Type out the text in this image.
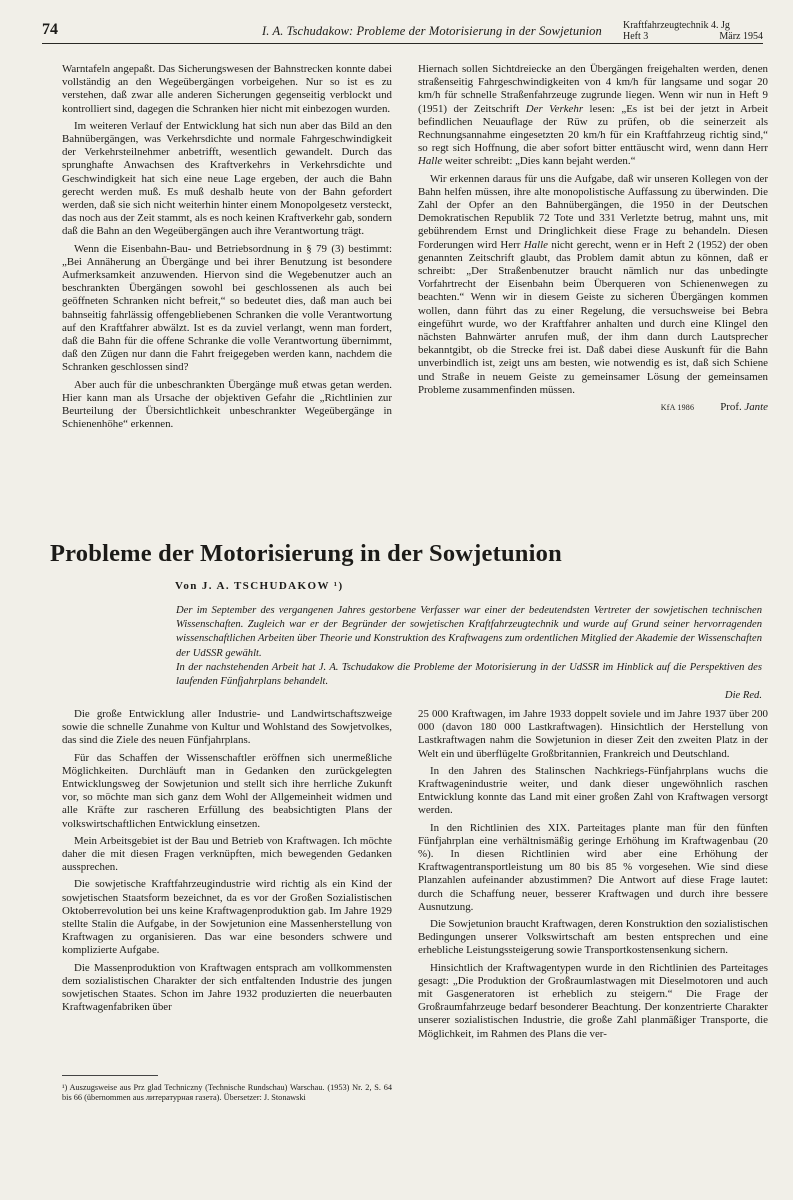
74	I. A. Tschudakow: Probleme der Motorisierung in der Sowjetunion Kraftfahrzeugtechnik 4. Jg
Heft 3	März 1954

Warntafeln angepaßt. Das Sicherungswesen der Bahnstrecken konnte dabei vollständig an den Wegeübergängen vorbeigehen. Nur so ist es zu verstehen, daß zwar alle anderen Sicherungen gegenseitig verblockt und kontrolliert sind, dagegen die Schranken hier nicht mit einbezogen wurden.

Im weiteren Verlauf der Entwicklung hat sich nun aber das Bild an den Bahnübergängen, was Verkehrsdichte und normale Fahrgeschwindigkeit der Verkehrsteilnehmer anbetrifft, wesentlich gewandelt. Durch das sprunghafte Anwachsen des Kraftverkehrs in Verkehrsdichte und Geschwindigkeit hat sich eine neue Lage ergeben, der auch die Bahn gerecht werden muß. Es muß deshalb heute von der Bahn gefordert werden, daß sie sich nicht weiterhin hinter einem Monopolgesetz versteckt, das noch aus der Zeit stammt, als es noch keinen Kraftverkehr gab, sondern daß die Bahn an den Wegeübergängen auch ihre Verantwortung trägt.

Wenn die Eisenbahn-Bau- und Betriebsordnung in § 79 (3) bestimmt: „Bei Annäherung an Übergänge und bei ihrer Benutzung ist besondere Aufmerksamkeit anzuwenden. Hiervon sind die Wegebenutzer auch an beschrankten Übergängen sowohl bei geschlossenen als auch bei geöffneten Schranken nicht befreit,“ so bedeutet dies, daß man auch bei bahnseitig fahrlässig offengebliebenen Schranken die volle Verantwortung auf den Kraftfahrer abwälzt. Ist es da zuviel verlangt, wenn man fordert, daß die Bahn für die offene Schranke die volle Verantwortung übernimmt, daß den Zügen nur dann die Fahrt freigegeben werden kann, nachdem die Schranken geschlossen sind?

Aber auch für die unbeschrankten Übergänge muß etwas getan werden. Hier kann man als Ursache der objektiven Gefahr die „Richtlinien zur Beurteilung der Übersichtlichkeit unbeschrankter Wegeübergänge in Schienenhöhe“ erkennen.

Hiernach sollen Sichtdreiecke an den Übergängen freigehalten werden, denen straßenseitig Fahrgeschwindigkeiten von 4 km/h für langsame und sogar 20 km/h für schnelle Straßenfahrzeuge zugrunde liegen. Wenn wir nun in Heft 9 (1951) der Zeitschrift Der Verkehr lesen: „Es ist bei der jetzt in Arbeit befindlichen Neuauflage der Rüw zu prüfen, ob die seinerzeit als Rechnungsannahme eingesetzten 20 km/h für ein Kraftfahrzeug richtig sind,“ so regt sich Hoffnung, die aber sofort bitter enttäuscht wird, wenn dann Herr Halle weiter schreibt: „Dies kann bejaht werden.“

Wir erkennen daraus für uns die Aufgabe, daß wir unseren Kollegen von der Bahn helfen müssen, ihre alte monopolistische Auffassung zu überwinden. Die Zahl der Opfer an den Bahnübergängen, die 1950 in der Deutschen Demokratischen Republik 72 Tote und 331 Verletzte betrug, mahnt uns, mit gebührendem Ernst und Dringlichkeit diese Frage zu behandeln. Diesen Forderungen wird Herr Halle nicht gerecht, wenn er in Heft 2 (1952) der oben genannten Zeitschrift glaubt, das Problem damit abtun zu können, daß er schreibt: „Der Straßenbenutzer braucht nämlich nur das unbedingte Vorfahrtrecht der Eisenbahn beim Überqueren von Schienenwegen zu beachten.“ Wenn wir in diesem Geiste zu sicheren Übergängen kommen wollen, dann führt das zu einer Regelung, die versuchsweise bei Bebra eingeführt wurde, wo der Kraftfahrer anhalten und durch eine Klingel den nächsten Bahnwärter anrufen muß, der ihm dann durch Lautsprecher bekanntgibt, ob die Strecke frei ist. Daß dabei diese Auskunft für die Bahn unverbindlich ist, zeigt uns am besten, wie notwendig es ist, daß sich Schiene und Straße in neuem Geiste zu gemeinsamer Lösung der gemeinsamen Probleme zusammenfinden müssen.

KfA 1986 Prof. Jante
Probleme der Motorisierung in der Sowjetunion
Von J. A. TSCHUDAKOW ¹)

Der im September des vergangenen Jahres gestorbene Verfasser war einer der bedeutendsten Vertreter der sowjetischen technischen Wissenschaften. Zugleich war er der Begründer der sowjetischen Kraftfahrzeugtechnik und wurde auf Grund seiner hervorragenden wissenschaftlichen Arbeiten über Theorie und Konstruktion des Kraftwagens zum ordentlichen Mitglied der Akademie der Wissenschaften der UdSSR gewählt.

In der nachstehenden Arbeit hat J. A. Tschudakow die Probleme der Motorisierung in der UdSSR im Hinblick auf die Perspektiven des laufenden Fünfjahrplans behandelt.
Die Red.

Die große Entwicklung aller Industrie- und Landwirtschaftszweige sowie die schnelle Zunahme von Kultur und Wohlstand des Sowjetvolkes, das sind die Ziele des neuen Fünfjahrplans.

Für das Schaffen der Wissenschaftler eröffnen sich unermeßliche Möglichkeiten. Durchläuft man in Gedanken den zurückgelegten Entwicklungsweg der Sowjetunion und stellt sich ihre herrliche Zukunft vor, so möchte man sich ganz dem Wohl der Allgemeinheit widmen und alle Kräfte zur rascheren Erfüllung des beabsichtigten Plans der volkswirtschaftlichen Entwicklung einsetzen.

Mein Arbeitsgebiet ist der Bau und Betrieb von Kraftwagen. Ich möchte daher die mit diesen Fragen verknüpften, mich bewegenden Gedanken aussprechen.

Die sowjetische Kraftfahrzeugindustrie wird richtig als ein Kind der sowjetischen Staatsform bezeichnet, da es vor der Großen Sozialistischen Oktoberrevolution bei uns keine Kraftwagenproduktion gab. Im Jahre 1929 stellte Stalin die Aufgabe, in der Sowjetunion eine Massenherstellung von Kraftwagen zu organisieren. Das war eine besonders schwere und komplizierte Aufgabe.

Die Massenproduktion von Kraftwagen entsprach am vollkommensten dem sozialistischen Charakter der sich entfaltenden Industrie des jungen sowjetischen Staates. Schon im Jahre 1932 produzierten die neuerbauten Kraftwagenfabriken über

25 000 Kraftwagen, im Jahre 1933 doppelt soviele und im Jahre 1937 über 200 000 (davon 180 000 Lastkraftwagen). Hinsichtlich der Herstellung von Lastkraftwagen nahm die Sowjetunion in dieser Zeit den zweiten Platz in der Welt ein und überflügelte Großbritannien, Frankreich und Deutschland.

In den Jahren des Stalinschen Nachkriegs-Fünfjahrplans wuchs die Kraftwagenindustrie weiter, und dank dieser ungewöhnlich raschen Entwicklung konnte das Land mit einer großen Zahl von Kraftwagen versorgt werden.

In den Richtlinien des XIX. Parteitages plante man für den fünften Fünfjahrplan eine verhältnismäßig geringe Erhöhung im Kraftwagenbau (20 %). In diesen Richtlinien wird aber eine Erhöhung der Kraftwagentransportleistung um 80 bis 85 % vorgesehen. Wie sind diese Planzahlen aufeinander abzustimmen? Die Antwort auf diese Frage lautet: durch die Schaffung neuer, besserer Kraftwagen und durch ihre bessere Ausnutzung.

Die Sowjetunion braucht Kraftwagen, deren Konstruktion den sozialistischen Bedingungen unserer Volkswirtschaft am besten entsprechen und eine erhebliche Leistungssteigerung sowie Transportkostensenkung sichern.

Hinsichtlich der Kraftwagentypen wurde in den Richtlinien des Parteitages gesagt: „Die Produktion der Großraumlastwagen mit Dieselmotoren und auch mit Gasgeneratoren ist erheblich zu steigern.“ Die Frage der Großraumfahrzeuge bedarf besonderer Beachtung. Der konzentrierte Charakter unserer sozialistischen Industrie, die große Zahl planmäßiger Transporte, die Möglichkeit, im Rahmen des Plans die ver-

¹) Auszugsweise aus Prz glad Techniczny (Technische Rundschau) Warschau. (1953) Nr. 2, S. 64 bis 66 (übernommen aus литературная газета). Übersetzer: J. Stonawski
